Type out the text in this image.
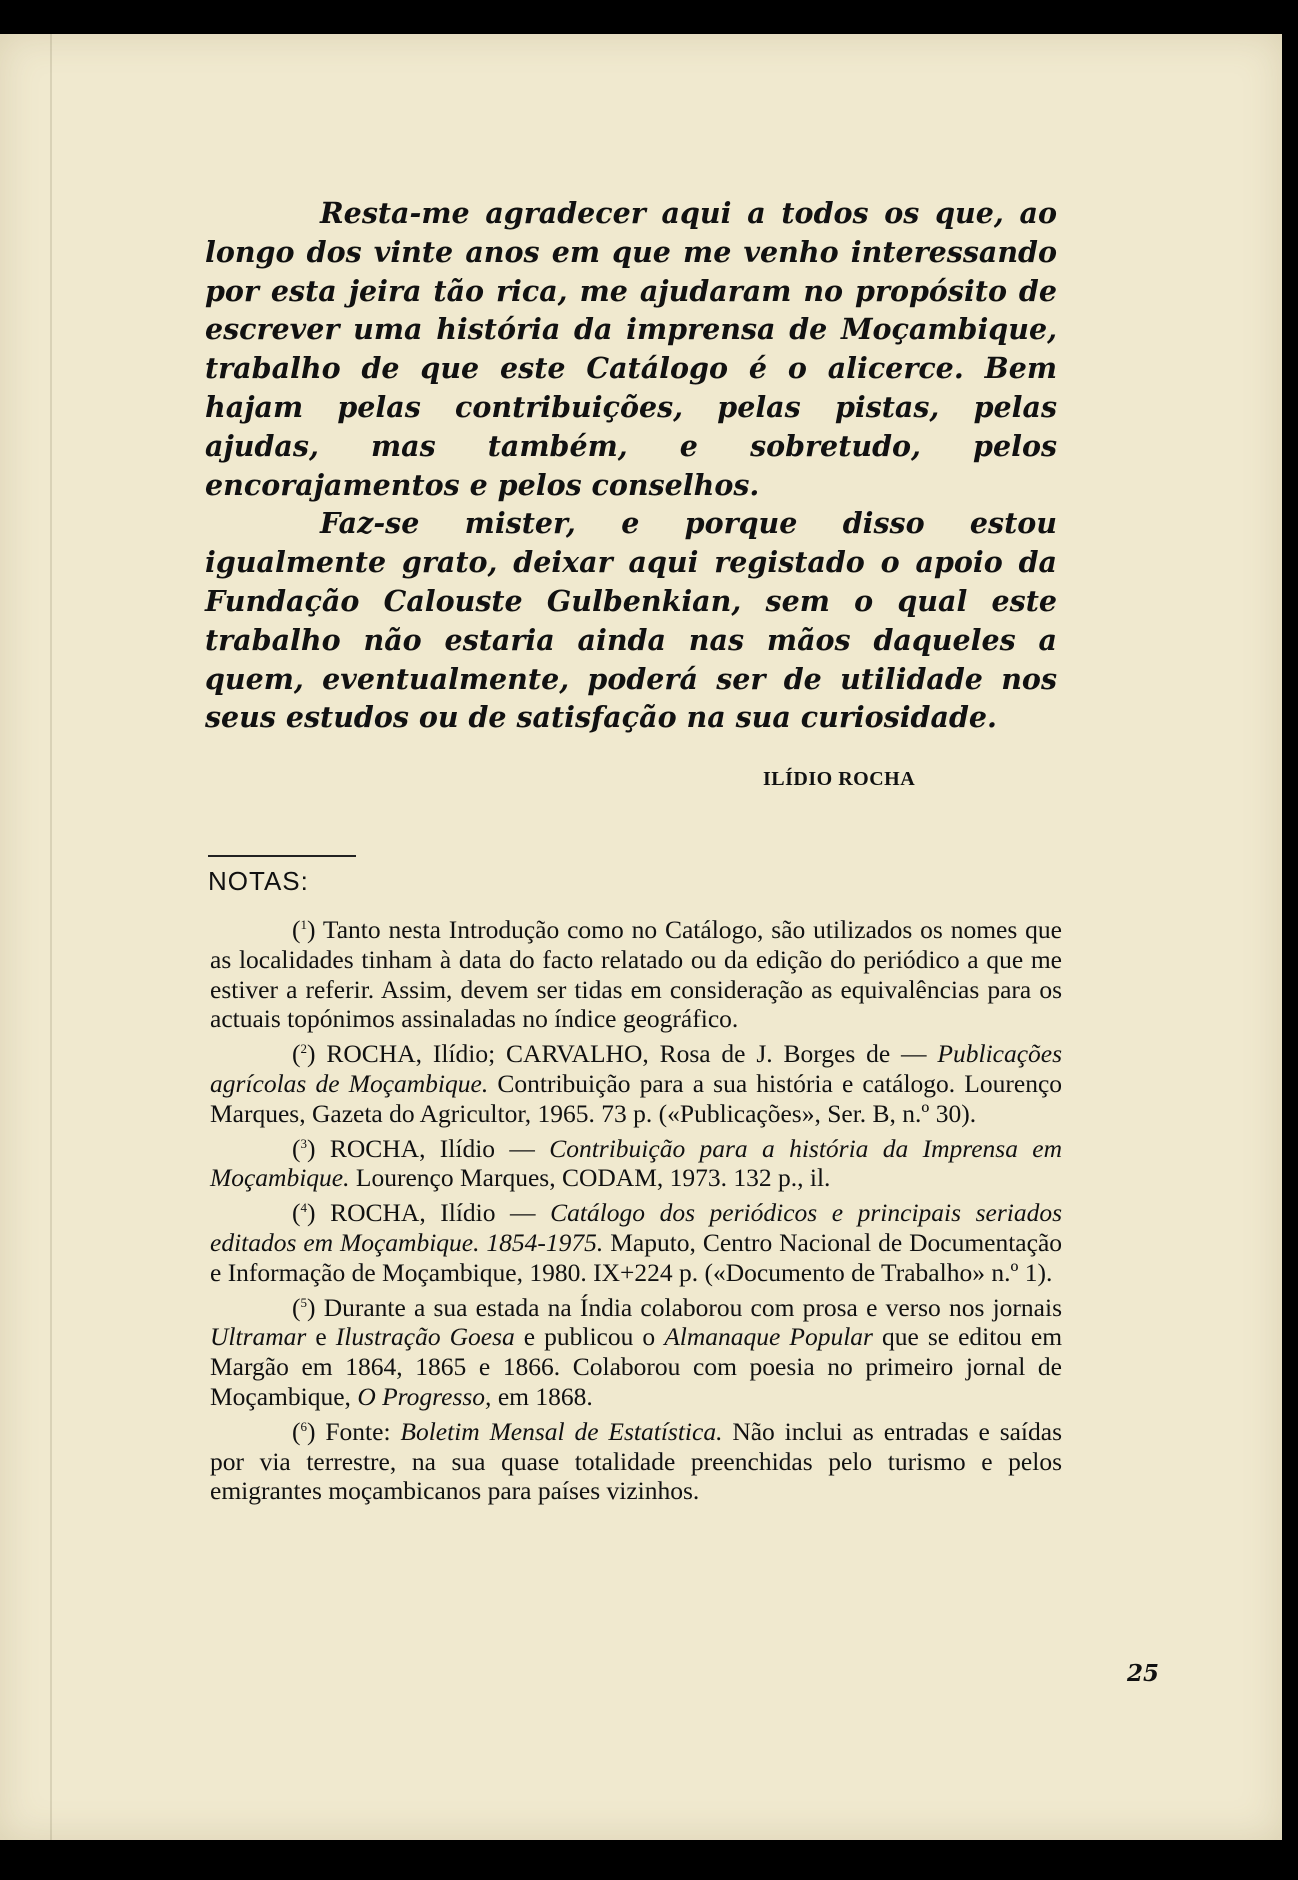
Resta-me agradecer aqui a todos os que, ao longo dos vinte anos em que me venho interessando por esta jeira tão rica, me ajudaram no propósito de escrever uma história da imprensa de Moçambique, trabalho de que este Catálogo é o alicerce. Bem hajam pelas contribuições, pelas pistas, pelas ajudas, mas também, e sobretudo, pelos encorajamentos e pelos conselhos.

Faz-se mister, e porque disso estou igualmente grato, deixar aqui registado o apoio da Fundação Calouste Gulbenkian, sem o qual este trabalho não estaria ainda nas mãos daqueles a quem, eventualmente, poderá ser de utilidade nos seus estudos ou de satisfação na sua curiosidade.

ILÍDIO ROCHA
NOTAS:

($^1$) Tanto nesta Introdução como no Catálogo, são utilizados os nomes que as localidades tinham à data do facto relatado ou da edição do periódico a que me estiver a referir. Assim, devem ser tidas em consideração as equivalências para os actuais topónimos assinaladas no índice geográfico.

($^2$) ROCHA, Ilídio; CARVALHO, Rosa de J. Borges de — Publicações agrícolas de Moçambique. Contribuição para a sua história e catálogo. Lourenço Marques, Gazeta do Agricultor, 1965. 73 p. («Publicações», Ser. B, n.º 30).

($^3$) ROCHA, Ilídio — Contribuição para a história da Imprensa em Moçambique. Lourenço Marques, CODAM, 1973. 132 p., il.

($^4$) ROCHA, Ilídio — Catálogo dos periódicos e principais seriados editados em Moçambique. 1854-1975. Maputo, Centro Nacional de Documentação e Informação de Moçambique, 1980. IX+224 p. («Documento de Trabalho» n.º 1).

($^5$) Durante a sua estada na Índia colaborou com prosa e verso nos jornais Ultramar e Ilustração Goesa e publicou o Almanaque Popular que se editou em Margão em 1864, 1865 e 1866. Colaborou com poesia no primeiro jornal de Moçambique, O Progresso, em 1868.

($^6$) Fonte: Boletim Mensal de Estatística. Não inclui as entradas e saídas por via terrestre, na sua quase totalidade preenchidas pelo turismo e pelos emigrantes moçambicanos para países vizinhos.

25
